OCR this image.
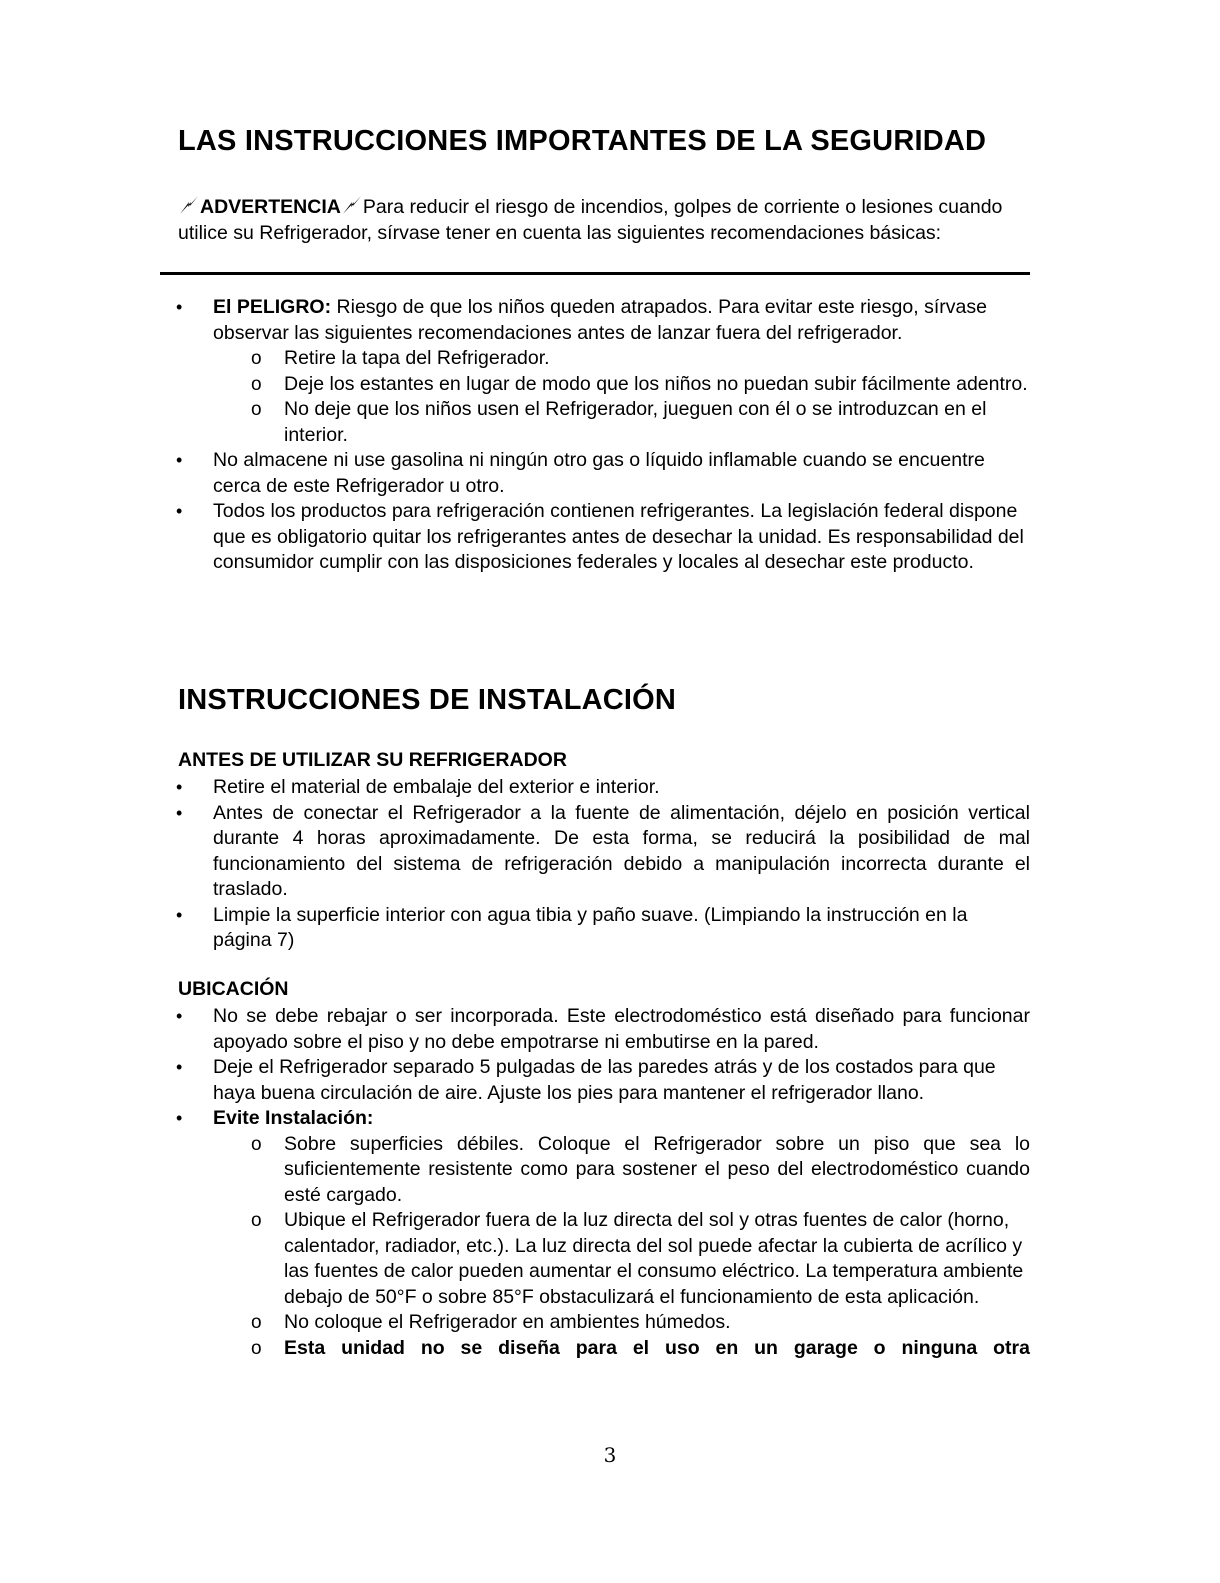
LAS INSTRUCCIONES IMPORTANTES DE LA SEGURIDAD
ADVERTENCIA Para reducir el riesgo de incendios, golpes de corriente o lesiones cuando utilice su Refrigerador, sírvase tener en cuenta las siguientes recomendaciones básicas:
• El PELIGRO: Riesgo de que los niños queden atrapados. Para evitar este riesgo, sírvase observar las siguientes recomendaciones antes de lanzar fuera del refrigerador.
o Retire la tapa del Refrigerador.
o Deje los estantes en lugar de modo que los niños no puedan subir fácilmente adentro.
o No deje que los niños usen el Refrigerador, jueguen con él o se introduzcan en el interior.
• No almacene ni use gasolina ni ningún otro gas o líquido inflamable cuando se encuentre cerca de este Refrigerador u otro.
• Todos los productos para refrigeración contienen refrigerantes. La legislación federal dispone que es obligatorio quitar los refrigerantes antes de desechar la unidad. Es responsabilidad del consumidor cumplir con las disposiciones federales y locales al desechar este producto.
INSTRUCCIONES DE INSTALACIÓN
ANTES DE UTILIZAR SU REFRIGERADOR
• Retire el material de embalaje del exterior e interior.
• Antes de conectar el Refrigerador a la fuente de alimentación, déjelo en posición vertical durante 4 horas aproximadamente. De esta forma, se reducirá la posibilidad de mal funcionamiento del sistema de refrigeración debido a manipulación incorrecta durante el traslado.
• Limpie la superficie interior con agua tibia y paño suave. (Limpiando la instrucción en la página 7)
UBICACIÓN
• No se debe rebajar o ser incorporada. Este electrodoméstico está diseñado para funcionar apoyado sobre el piso y no debe empotrarse ni embutirse en la pared.
• Deje el Refrigerador separado 5 pulgadas de las paredes atrás y de los costados para que haya buena circulación de aire. Ajuste los pies para mantener el refrigerador llano.
• Evite Instalación:
o Sobre superficies débiles. Coloque el Refrigerador sobre un piso que sea lo suficientemente resistente como para sostener el peso del electrodoméstico cuando esté cargado.
o Ubique el Refrigerador fuera de la luz directa del sol y otras fuentes de calor (horno, calentador, radiador, etc.). La luz directa del sol puede afectar la cubierta de acrílico y las fuentes de calor pueden aumentar el consumo eléctrico. La temperatura ambiente debajo de 50°F o sobre 85°F obstaculizará el funcionamiento de esta aplicación.
o No coloque el Refrigerador en ambientes húmedos.
o Esta unidad no se diseña para el uso en un garage o ninguna otra
3
